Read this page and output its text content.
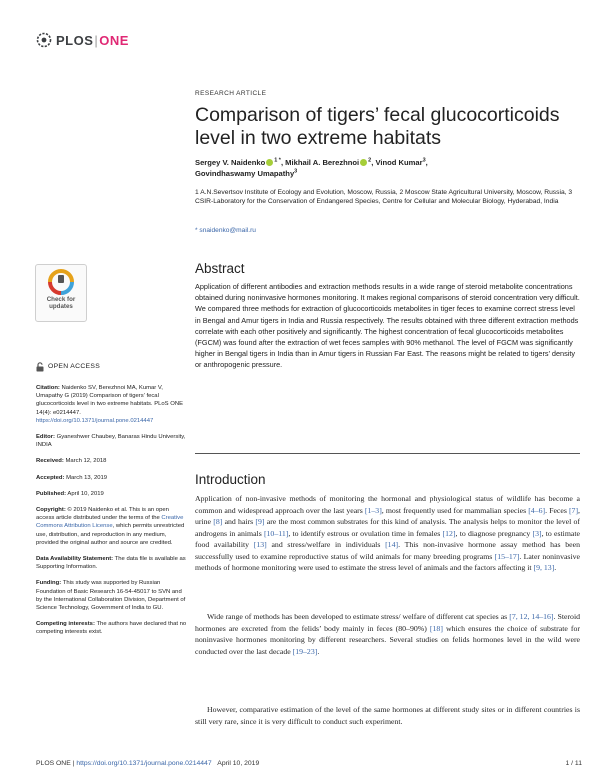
PLOS|ONE
RESEARCH ARTICLE
Comparison of tigers’ fecal glucocorticoids level in two extreme habitats
Sergey V. Naidenko $^{1 *}$, Mikhail A. Berezhnoi $^2$, Vinod Kumar$^3$,
Govindhaswamy Umapathy$^3$
1 A.N.Severtsov Institute of Ecology and Evolution, Moscow, Russia, 2 Moscow State Agricultural University, Moscow, Russia, 3 CSIR-Laboratory for the Conservation of Endangered Species, Centre for Cellular and Molecular Biology, Hyderabad, India
* snaidenko@mail.ru
Check for
updates
OPEN ACCESS
Citation: Naidenko SV, Berezhnoi MA, Kumar V, Umapathy G (2019) Comparison of tigers’ fecal glucocorticoids level in two extreme habitats. PLoS ONE 14(4): e0214447. https://doi.org/10.1371/journal.pone.0214447
Editor: Gyaneshwer Chaubey, Banaras Hindu University, INDIA
Received: March 12, 2018
Accepted: March 13, 2019
Published: April 10, 2019
Copyright: © 2019 Naidenko et al. This is an open access article distributed under the terms of the Creative Commons Attribution License, which permits unrestricted use, distribution, and reproduction in any medium, provided the original author and source are credited.
Data Availability Statement: The data file is available as Supporting Information.
Funding: This study was supported by Russian Foundation of Basic Research 16-54-45017 to SVN and by the International Collaboration Division, Department of Science Technology, Government of India to GU.
Competing interests: The authors have declared that no competing interests exist.
Abstract

Application of different antibodies and extraction methods results in a wide range of steroid metabolite concentrations obtained during noninvasive hormones monitoring. It makes regional comparisons of steroid concentration very difficult. We compared three methods for extraction of glucocorticoids metabolites in tiger feces to examine correct stress level in Bengal and Amur tigers in India and Russia respectively. The results obtained with three different extraction methods correlate with each other positively and significantly. The highest concentration of fecal glucocorticoids metabolites (FGCM) was found after the extraction of wet feces samples with 90% methanol. The level of FGCM was significantly higher in Bengal tigers in India than in Amur tigers in Russian Far East. The reasons might be related to tigers’ density or anthropogenic pressure.

Introduction

Application of non-invasive methods of monitoring the hormonal and physiological status of wildlife has become a common and widespread approach over the last years [1–3], most frequently used for mammalian species [4–6]. Feces [7], urine [8] and hairs [9] are the most common substrates for this kind of analysis. The analysis helps to monitor the level of androgens in animals [10–11], to identify estrous or ovulation time in females [12], to diagnose pregnancy [3], to estimate food availability [13] and stress/welfare in individuals [14]. This non-invasive hormone assay method has been successfully used to examine reproductive status of wild animals for many breeding programs [15–17]. Later noninvasive methods of hormone monitoring were used to estimate the stress level of animals and the factors affecting it [9, 13].

Wide range of methods has been developed to estimate stress/ welfare of different cat species as [7, 12, 14–16]. Steroid hormones are excreted from the felids’ body mainly in feces (80–90%) [18] which ensures the choice of substrate for noninvasive hormones monitoring by different researchers. Several studies on felids hormones level in the wild were conducted over the last decade [19–23].

However, comparative estimation of the level of the same hormones at different study sites or in different countries is still very rare, since it is very difficult to conduct such experiment.

PLOS ONE | https://doi.org/10.1371/journal.pone.0214447 April 10, 2019	1 / 11
